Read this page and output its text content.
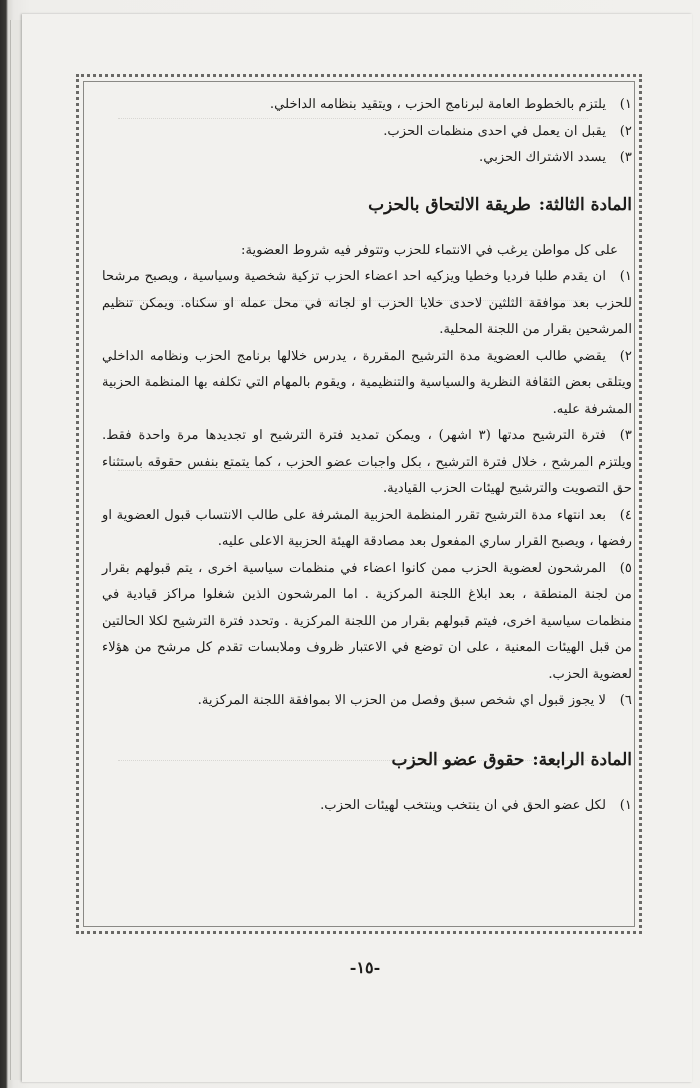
١)يلتزم بالخطوط العامة لبرنامج الحزب ، ويتقيد بنظامه الداخلي.

٢)يقبل ان يعمل في احدى منظمات الحزب.

٣)يسدد الاشتراك الحزبي.

المادة الثالثة:طريقة الالتحاق بالحزب

على كل مواطن يرغب في الانتماء للحزب وتتوفر فيه شروط العضوية:

١)ان يقدم طلبا فرديا وخطيا ويزكيه احد اعضاء الحزب تزكية شخصية وسياسية ، ويصبح مرشحا للحزب بعد موافقة الثلثين لاحدى خلايا الحزب او لجانه في محل عمله او سكناه. ويمكن تنظيم المرشحين بقرار من اللجنة المحلية.

٢)يقضي طالب العضوية مدة الترشيح المقررة ، يدرس خلالها برنامج الحزب ونظامه الداخلي ويتلقى بعض الثقافة النظرية والسياسية والتنظيمية ، ويقوم بالمهام التي تكلفه بها المنظمة الحزبية المشرفة عليه.

٣)فترة الترشيح مدتها (٣ اشهر) ، ويمكن تمديد فترة الترشيح او تجديدها مرة واحدة فقط. ويلتزم المرشح ، خلال فترة الترشيح ، بكل واجبات عضو الحزب ، كما يتمتع بنفس حقوقه باستثناء حق التصويت والترشيح لهيئات الحزب القيادية.

٤)بعد انتهاء مدة الترشيح تقرر المنظمة الحزبية المشرفة على طالب الانتساب قبول العضوية او رفضها ، ويصبح القرار ساري المفعول بعد مصادقة الهيئة الحزبية الاعلى عليه.

٥)المرشحون لعضوية الحزب ممن كانوا اعضاء في منظمات سياسية اخرى ، يتم قبولهم بقرار من لجنة المنطقة ، بعد ابلاغ اللجنة المركزية . اما المرشحون الذين شغلوا مراكز قيادية في منظمات سياسية اخرى، فيتم قبولهم بقرار من اللجنة المركزية . وتحدد فترة الترشيح لكلا الحالتين من قبل الهيئات المعنية ، على ان توضع في الاعتبار ظروف وملابسات تقدم كل مرشح من هؤلاء لعضوية الحزب.

٦)لا يجوز قبول اي شخص سبق وفصل من الحزب الا بموافقة اللجنة المركزية.

المادة الرابعة:حقوق عضو الحزب

١)لكل عضو الحق في ان ينتخب وينتخب لهيئات الحزب.

-١٥-
